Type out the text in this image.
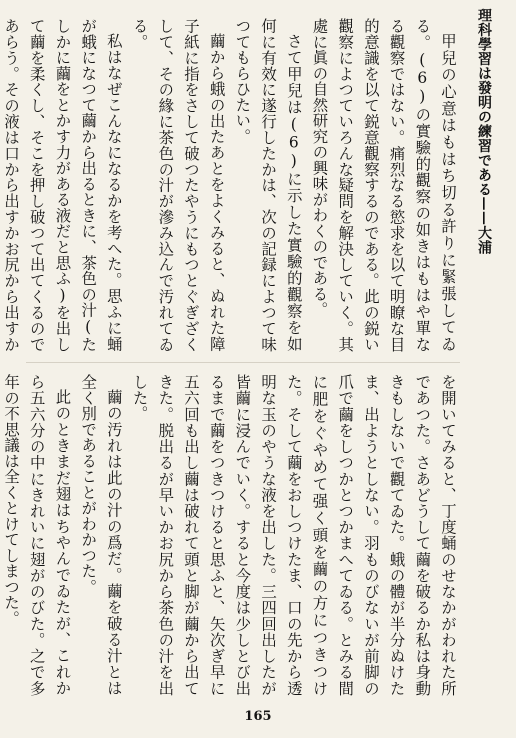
理科學習は發明の練習である——大浦

甲兒の心意はもはち切る許りに緊張してゐる。(6)の實驗的觀察の如きはもはや單なる觀察ではない。痛烈なる慾求を以て明瞭な目的意識を以て鋭意觀察するのである。此の鋭い觀察によつていろんな疑問を解決していく。其處に眞の自然研究の興味がわくのである。

さて甲兒は(6)に示した實驗的觀察を如何に有效に遂行したかは、次の記録によつて味つてもらひたい。

繭から蛾の出たあとをよくみると、ぬれた障子紙に指をさして破つたやうにもつとぐぎざくして、その緣に茶色の汁が滲み込んで汚れてゐる。

私はなぜこんなになるかを考へた。思ふに蛹が蛾になつて繭から出るときに、茶色の汁(たしかに繭をとかす力がある液だと思ふ)を出して繭を柔くし、そこを押し破つて出てくるのであらう。その液は口から出すかお尻から出すか

を開いてみると、丁度蛹のせなかがわれた所であつた。さあどうして繭を破るか私は身動きもしないで觀てゐた。蛾の體が半分ぬけたま、出ようとしない。羽ものびないが前脚の爪で繭をしつかとつかまへてゐる。とみる間に肥をぐやめて强く頭を繭の方につきつけた。そして繭をおしつけたま、口の先から透明な玉のやうな液を出した。三四回出したが皆繭に浸んでいく。すると今度は少しとび出るまで繭をつきつけると思ふと、矢次ぎ早に五六回も出し繭は破れて頭と脚が繭から出てきた。脱出るが早いかお尻から茶色の汁を出した。

繭の汚れは此の汁の爲だ。繭を破る汁とは全く別であることがわかつた。

此のときまだ翅はちやんでゐたが、これから五六分の中にきれいに翅がのびた。之で多年の不思議は全くとけてしまつた。

165
